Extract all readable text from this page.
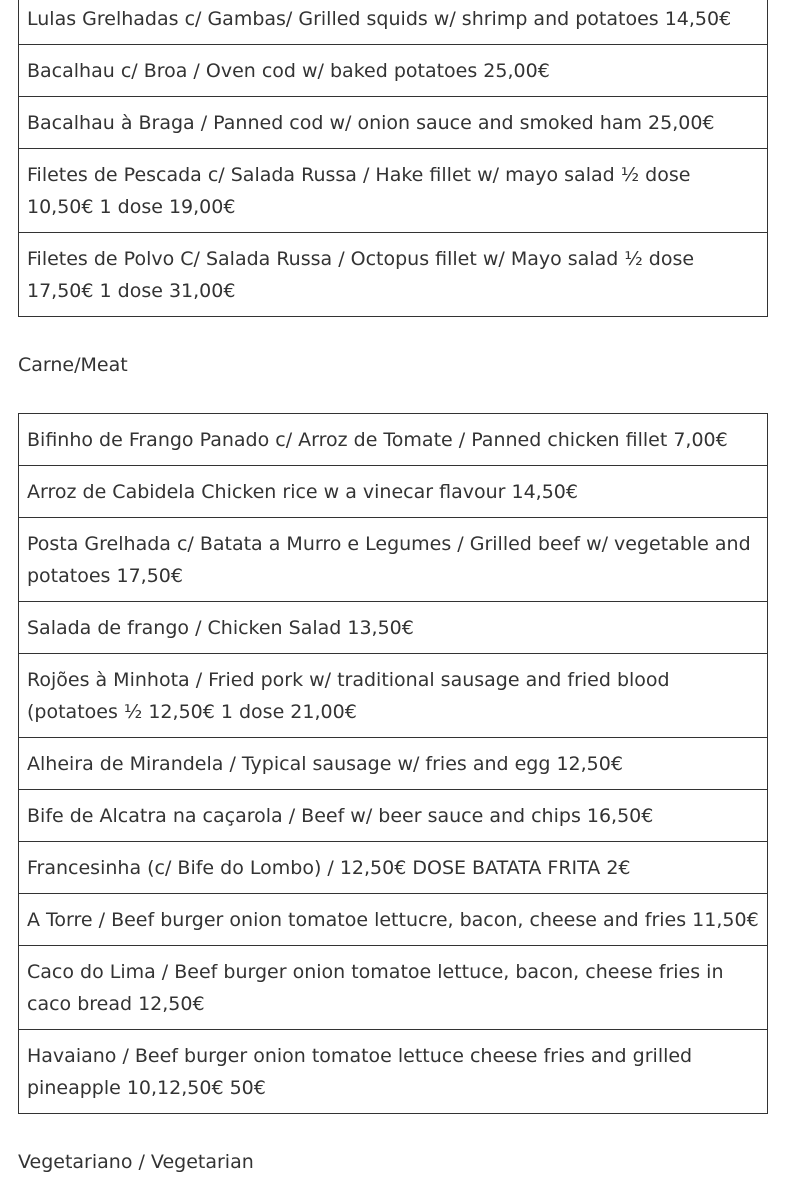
Lulas Grelhadas c/ Gambas/ Grilled squids w/ shrimp and potatoes 14,50€
Bacalhau c/ Broa / Oven cod w/ baked potatoes 25,00€
Bacalhau à Braga / Panned cod w/ onion sauce and smoked ham 25,00€
Filetes de Pescada c/ Salada Russa / Hake fillet w/ mayo salad ½ dose 10,50€ 1 dose 19,00€
Filetes de Polvo C/ Salada Russa / Octopus fillet w/ Mayo salad ½ dose 17,50€ 1 dose 31,00€

Carne/Meat

Bifinho de Frango Panado c/ Arroz de Tomate / Panned chicken fillet 7,00€
Arroz de Cabidela Chicken rice w a vinecar flavour 14,50€
Posta Grelhada c/ Batata a Murro e Legumes / Grilled beef w/ vegetable and potatoes 17,50€
Salada de frango / Chicken Salad 13,50€
Rojões à Minhota / Fried pork w/ traditional sausage and fried blood (potatoes ½ 12,50€ 1 dose 21,00€
Alheira de Mirandela / Typical sausage w/ fries and egg 12,50€
Bife de Alcatra na caçarola / Beef w/ beer sauce and chips 16,50€
Francesinha (c/ Bife do Lombo) / 12,50€ DOSE BATATA FRITA 2€
A Torre / Beef burger onion tomatoe lettucre, bacon, cheese and fries 11,50€
Caco do Lima / Beef burger onion tomatoe lettuce, bacon, cheese fries in caco bread 12,50€
Havaiano / Beef burger onion tomatoe lettuce cheese fries and grilled pineapple 10,12,50€ 50€

Vegetariano / Vegetarian
